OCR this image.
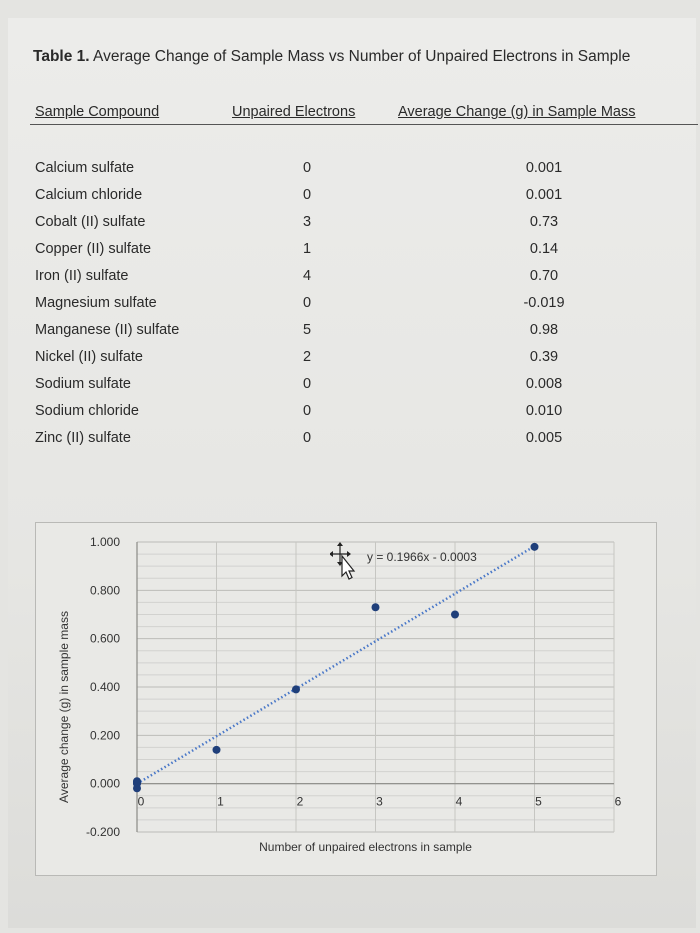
Table 1. Average Change of Sample Mass vs Number of Unpaired Electrons in Sample
Sample Compound	Unpaired Electrons	Average Change (g) in Sample Mass
Calcium sulfate	0	0.001
Calcium chloride	0	0.001
Cobalt (II) sulfate	3	0.73
Copper (II) sulfate	1	0.14
Iron (II) sulfate	4	0.70
Magnesium sulfate	0	-0.019
Manganese (II) sulfate	5	0.98
Nickel (II) sulfate	2	0.39
Sodium sulfate	0	0.008
Sodium chloride	0	0.010
Zinc (II) sulfate	0	0.005
1.000
0.800
0.600
0.400
0.200
0.000
-0.200
0	1	2	3	4	5	6
Average change (g) in sample mass
Number of unpaired electrons in sample
y = 0.1966x - 0.0003
